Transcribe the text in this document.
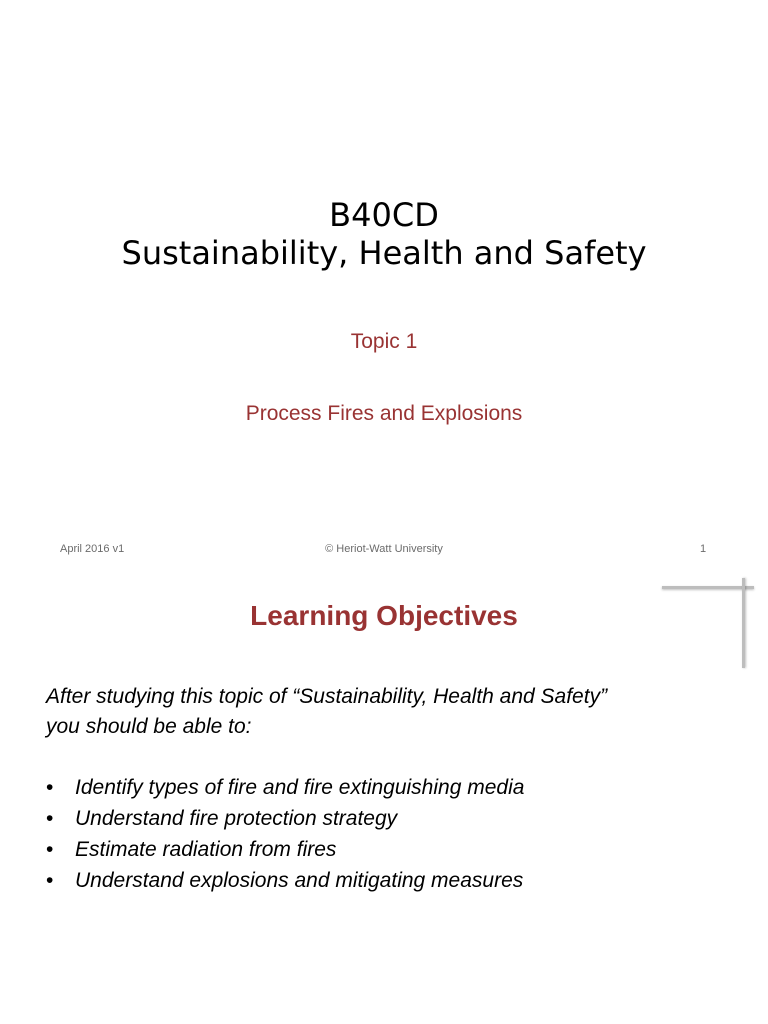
B40CD
Sustainability, Health and Safety
Topic 1
Process Fires and Explosions
April 2016 v1	© Heriot-Watt University	1
Learning Objectives
After studying this topic of “Sustainability, Health and Safety”
you should be able to:
•	Identify types of fire and fire extinguishing media
•	Understand fire protection strategy
•	Estimate radiation from fires
•	Understand explosions and mitigating measures
